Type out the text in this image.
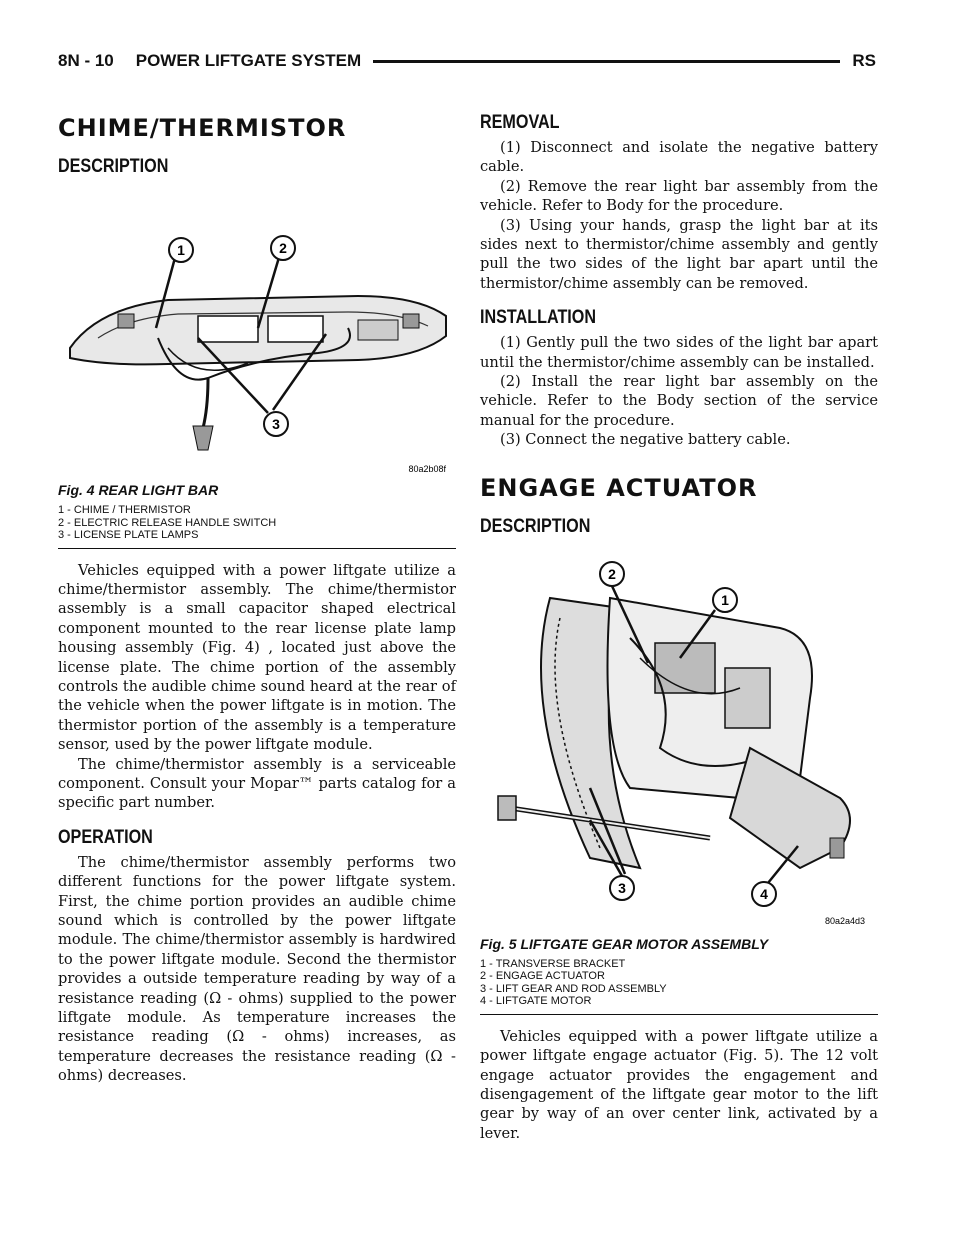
8N - 10 POWER LIFTGATE SYSTEM	RS
CHIME/THERMISTOR
DESCRIPTION
1	2
3
80a2b08f
Fig. 4 REAR LIGHT BAR
1 - CHIME / THERMISTOR
2 - ELECTRIC RELEASE HANDLE SWITCH
3 - LICENSE PLATE LAMPS

Vehicles equipped with a power liftgate utilize a chime/thermistor assembly. The chime/thermistor assembly is a small capacitor shaped electrical component mounted to the rear license plate lamp housing assembly (Fig. 4) , located just above the license plate. The chime portion of the assembly controls the audible chime sound heard at the rear of the vehicle when the power liftgate is in motion. The thermistor portion of the assembly is a temperature sensor, used by the power liftgate module.

The chime/thermistor assembly is a serviceable component. Consult your Mopar™ parts catalog for a specific part number.

OPERATION

The chime/thermistor assembly performs two different functions for the power liftgate system. First, the chime portion provides an audible chime sound which is controlled by the power liftgate module. The chime/thermistor assembly is hardwired to the power liftgate module. Second the thermistor provides a outside temperature reading by way of a resistance reading (Ω - ohms) supplied to the power liftgate module. As temperature increases the resistance reading (Ω - ohms) increases, as temperature decreases the resistance reading (Ω - ohms) decreases.

REMOVAL

(1) Disconnect and isolate the negative battery cable.

(2) Remove the rear light bar assembly from the vehicle. Refer to Body for the procedure.

(3) Using your hands, grasp the light bar at its sides next to thermistor/chime assembly and gently pull the two sides of the light bar apart until the thermistor/chime assembly can be removed.

INSTALLATION

(1) Gently pull the two sides of the light bar apart until the thermistor/chime assembly can be installed.

(2) Install the rear light bar assembly on the vehicle. Refer to the Body section of the service manual for the procedure.

(3) Connect the negative battery cable.

ENGAGE ACTUATOR
DESCRIPTION
2
1
3	4
80a2a4d3
Fig. 5 LIFTGATE GEAR MOTOR ASSEMBLY
1 - TRANSVERSE BRACKET
2 - ENGAGE ACTUATOR
3 - LIFT GEAR AND ROD ASSEMBLY
4 - LIFTGATE MOTOR

Vehicles equipped with a power liftgate utilize a power liftgate engage actuator (Fig. 5). The 12 volt engage actuator provides the engagement and disengagement of the liftgate gear motor to the lift gear by way of an over center link, activated by a lever.
